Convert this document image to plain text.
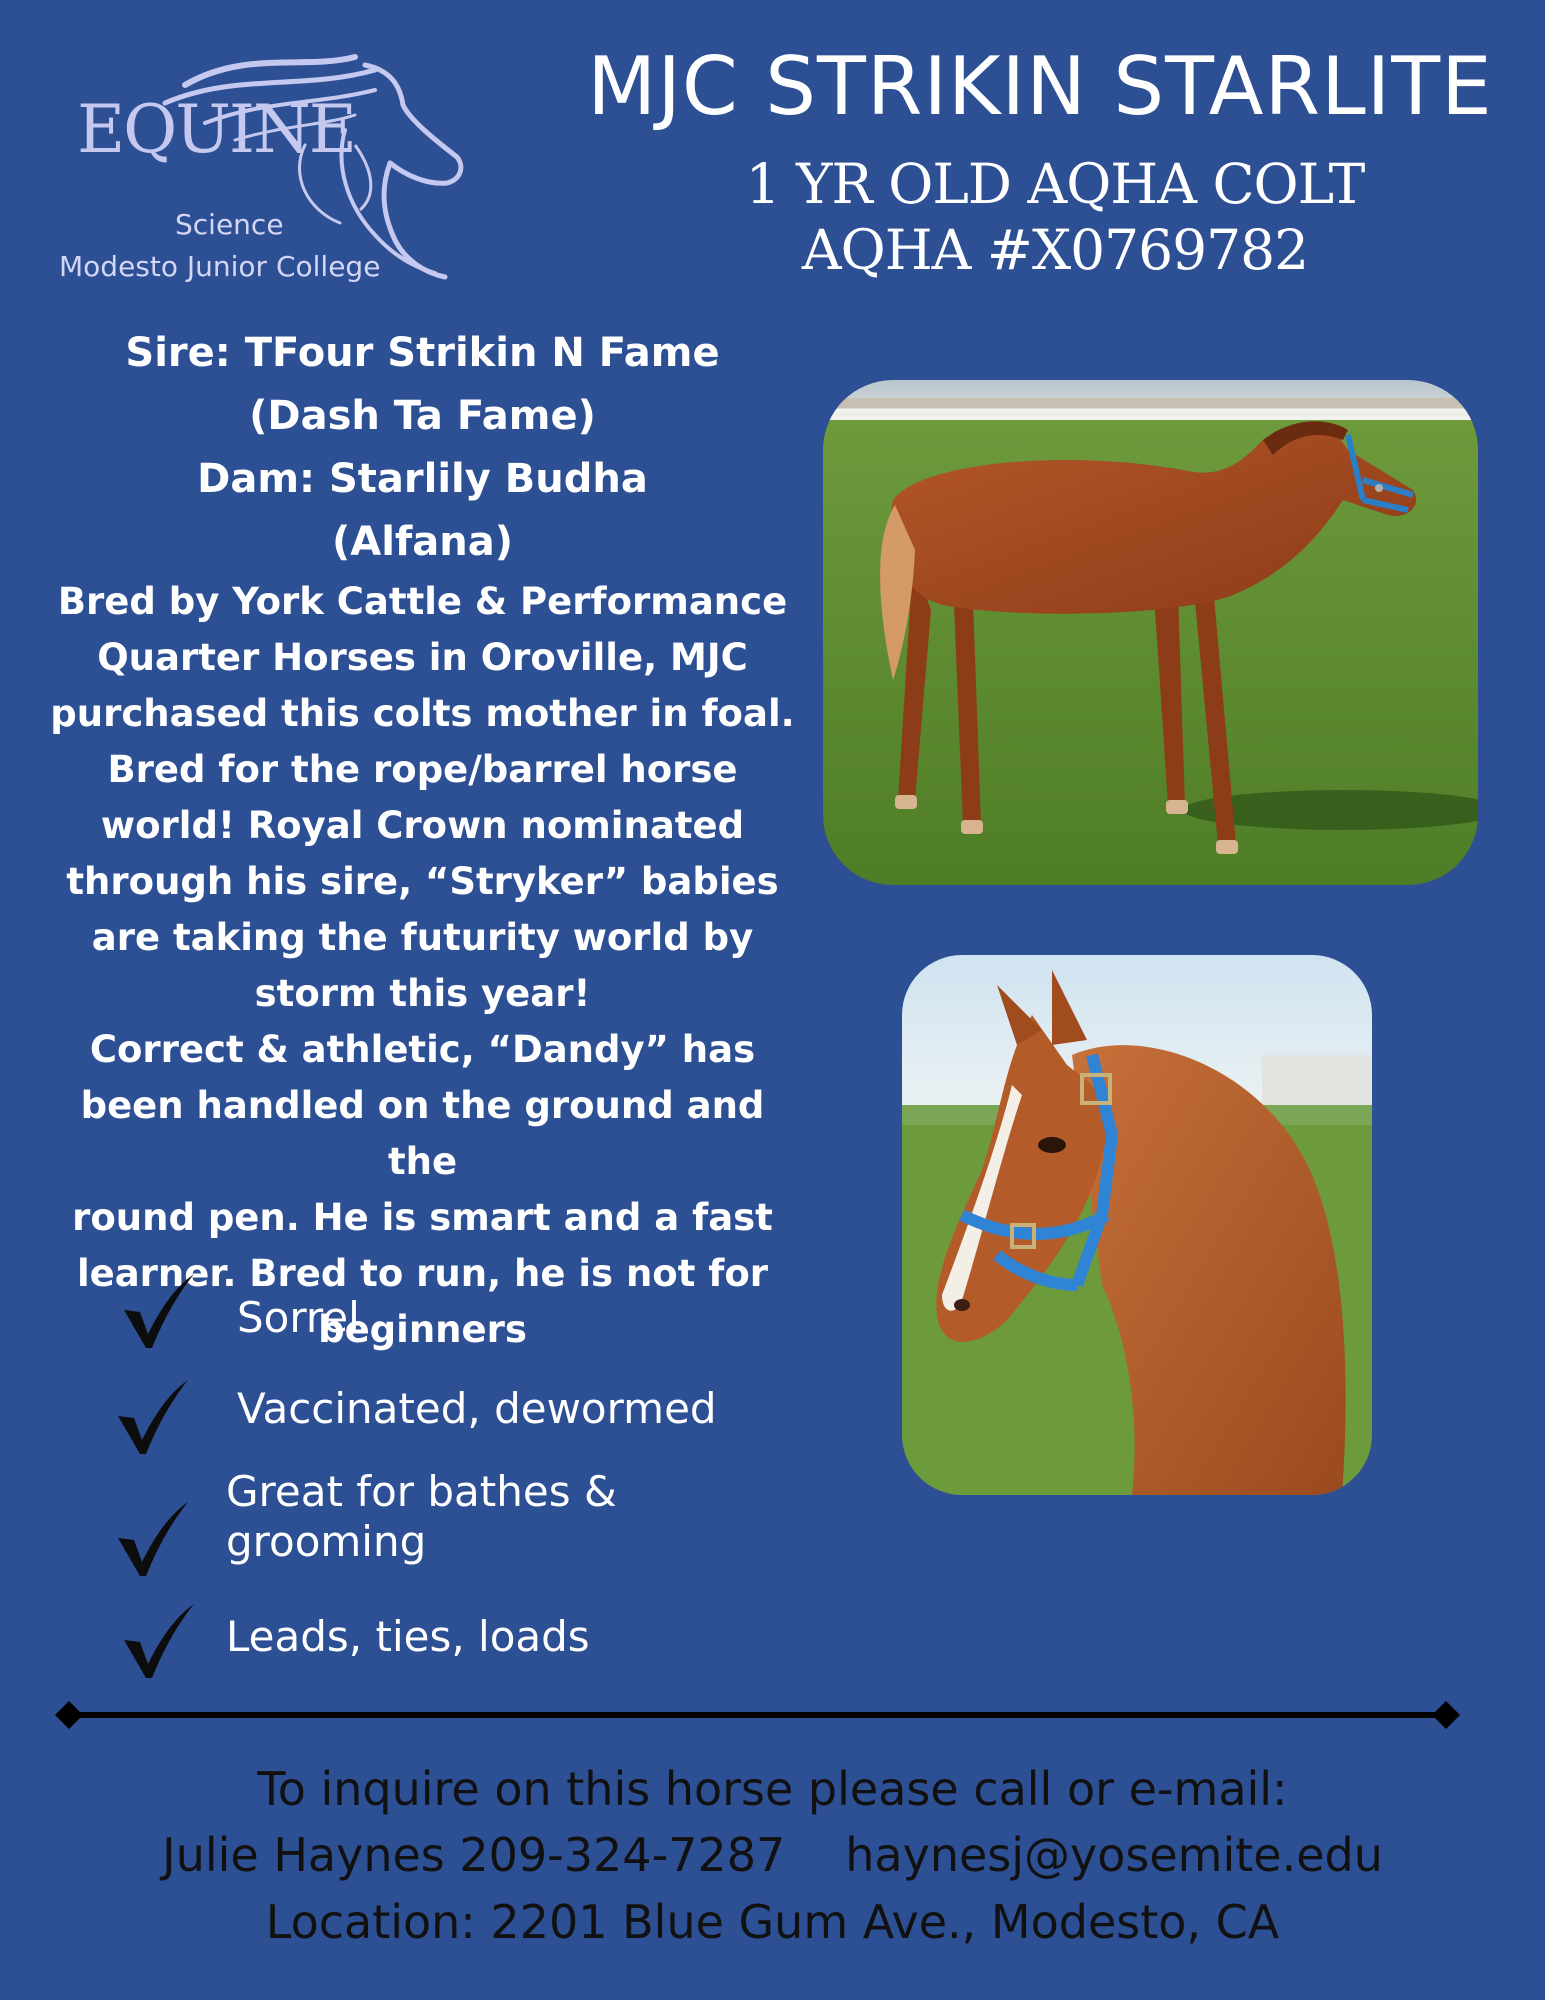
EQUINE
Science
Modesto Junior College
MJC STRIKIN STARLITE
1 YR OLD AQHA COLT
AQHA #X0769782
Sire: TFour Strikin N Fame
(Dash Ta Fame)
Dam: Starlily Budha
(Alfana)
Bred by York Cattle & Performance
Quarter Horses in Oroville, MJC
purchased this colts mother in foal.
Bred for the rope/barrel horse
world! Royal Crown nominated
through his sire, “Stryker” babies
are taking the futurity world by
storm this year!
Correct & athletic, “Dandy” has
been handled on the ground and the
round pen. He is smart and a fast
learner. Bred to run, he is not for
beginners
Sorrel
Vaccinated, dewormed
Great for bathes &
grooming
Leads, ties, loads
To inquire on this horse please call or e-mail:
Julie Haynes 209-324-7287 haynesj@yosemite.edu
Location: 2201 Blue Gum Ave., Modesto, CA
